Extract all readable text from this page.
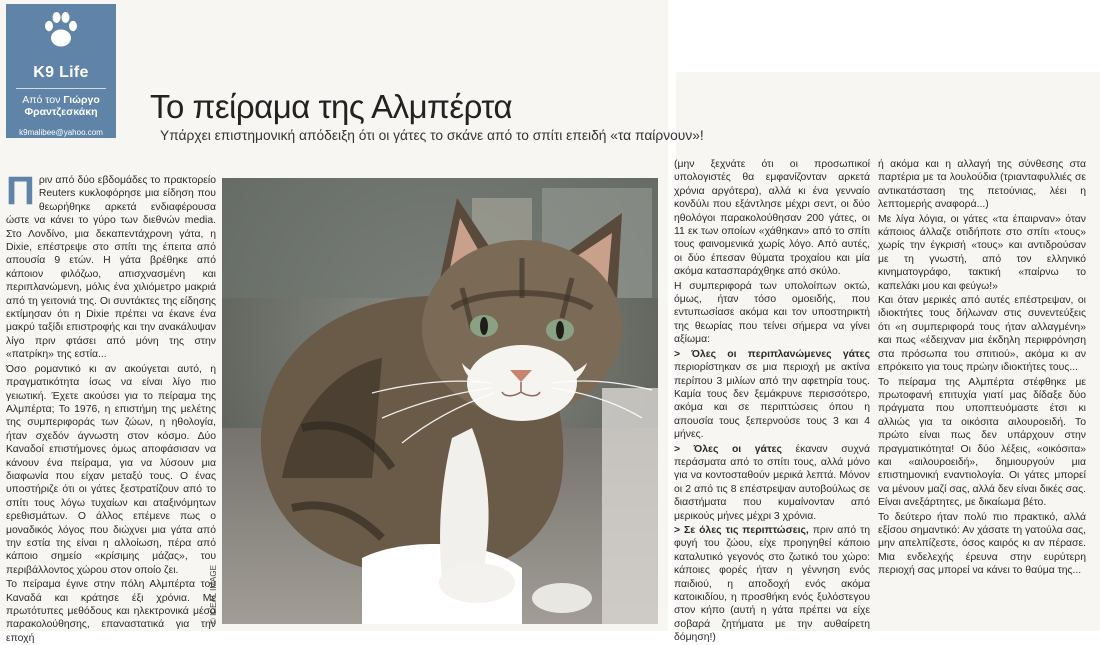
K9 Life
Από τον Γιώργο Φραντζεσκάκη
k9malibee@yahoo.com
Το πείραμα της Αλμπέρτα
Υπάρχει επιστημονική απόδειξη ότι οι γάτες το σκάνε από το σπίτι επειδή «τα παίρνουν»!

Πριν από δύο εβδομάδες το πρακτορείο Reuters κυκλοφόρησε μια είδηση που θεωρήθηκε αρκετά ενδιαφέρουσα ώστε να κάνει το γύρο των διεθνών media. Στο Λονδίνο, μια δεκαπεντάχρονη γάτα, η Dixie, επέστρεψε στο σπίτι της έπειτα από απουσία 9 ετών. Η γάτα βρέθηκε από κάποιον φιλόζωο, απισχνασμένη και περιπλανώμενη, μόλις ένα χιλιόμετρο μακριά από τη γειτονιά της. Οι συντάκτες της είδησης εκτίμησαν ότι η Dixie πρέπει να έκανε ένα μακρύ ταξίδι επιστροφής και την ανακάλυψαν λίγο πριν φτάσει από μόνη της στην «πατρίκη» της εστία...

Όσο ρομαντικό κι αν ακούγεται αυτό, η πραγματικότητα ίσως να είναι λίγο πιο γειωτική. Έχετε ακούσει για το πείραμα της Αλμπέρτα; Το 1976, η επιστήμη της μελέτης της συμπεριφοράς των ζώων, η ηθολογία, ήταν σχεδόν άγνωστη στον κόσμο. Δύο Καναδοί επιστήμονες όμως αποφάσισαν να κάνουν ένα πείραμα, για να λύσουν μια διαφωνία που είχαν μεταξύ τους. Ο ένας υποστήριζε ότι οι γάτες ξεστρατίζουν από το σπίτι τους λόγω τυχαίων και αταξινόμητων ερεθισμάτων. Ο άλλος επέμενε πως ο μοναδικός λόγος που διώχνει μια γάτα από την εστία της είναι η αλλοίωση, πέρα από κάποιο σημείο «κρίσιμης μάζας», του περιβάλλοντος χώρου στον οποίο ζει.

Το πείραμα έγινε στην πόλη Αλμπέρτα του Καναδά και κράτησε έξι χρόνια. Με πρωτότυπες μεθόδους και ηλεκτρονικά μέσα παρακολούθησης, επαναστατικά για την εποχή

© IDEAL IMAGE

(μην ξεχνάτε ότι οι προσωπικοί υπολογιστές θα εμφανίζονταν αρκετά χρόνια αργότερα), αλλά κι ένα γενναίο κονδύλι που εξάντλησε μέχρι σεντ, οι δύο ηθολόγοι παρακολούθησαν 200 γάτες, οι 11 εκ των οποίων «χάθηκαν» από το σπίτι τους φαινομενικά χωρίς λόγο. Από αυτές, οι δύο έπεσαν θύματα τροχαίου και μία ακόμα κατασπαράχθηκε από σκύλο.

Η συμπεριφορά των υπολοίπων οκτώ, όμως, ήταν τόσο ομοειδής, που εντυπωσίασε ακόμα και τον υποστηρικτή της θεωρίας που τείνει σήμερα να γίνει αξίωμα:

> Όλες οι περιπλανώμενες γάτες περιορίστηκαν σε μια περιοχή με ακτίνα περίπου 3 μιλίων από την αφετηρία τους. Καμία τους δεν ξεμάκρυνε περισσότερο, ακόμα και σε περιπτώσεις όπου η απουσία τους ξεπερνούσε τους 3 και 4 μήνες.

> Όλες οι γάτες έκαναν συχνά περάσματα από το σπίτι τους, αλλά μόνο για να κοντοσταθούν μερικά λεπτά. Μόνον οι 2 από τις 8 επέστρεψαν αυτοβούλως σε διαστήματα που κυμαίνονταν από μερικούς μήνες μέχρι 3 χρόνια.

> Σε όλες τις περιπτώσεις, πριν από τη φυγή του ζώου, είχε προηγηθεί κάποιο καταλυτικό γεγονός στο ζωτικό του χώρο: κάποιες φορές ήταν η γέννηση ενός παιδιού, η αποδοχή ενός ακόμα κατοικιδίου, η προσθήκη ενός ξυλόστεγου στον κήπο (αυτή η γάτα πρέπει να είχε σοβαρά ζητήματα με την αυθαίρετη δόμηση!)

ή ακόμα και η αλλαγή της σύνθεσης στα παρτέρια με τα λουλούδια (τριανταφυλλιές σε αντικατάσταση της πετούνιας, λέει η λεπτομερής αναφορά...)

Με λίγα λόγια, οι γάτες «τα έπαιρναν» όταν κάποιος άλλαζε οτιδήποτε στο σπίτι «τους» χωρίς την έγκρισή «τους» και αντιδρούσαν με τη γνωστή, από τον ελληνικό κινηματογράφο, τακτική «παίρνω το καπελάκι μου και φεύγω!»

Και όταν μερικές από αυτές επέστρεψαν, οι ιδιοκτήτες τους δήλωναν στις συνεντεύξεις ότι «η συμπεριφορά τους ήταν αλλαγμένη» και πως «έδειχναν μια έκδηλη περιφρόνηση στα πρόσωπα του σπιτιού», ακόμα κι αν επρόκειτο για τους πρώην ιδιοκτήτες τους...

Το πείραμα της Αλμπέρτα στέφθηκε με πρωτοφανή επιτυχία γιατί μας δίδαξε δύο πράγματα που υποπτευόμαστε έτσι κι αλλιώς για τα οικόσιτα αιλουροειδή. Το πρώτο είναι πως δεν υπάρχουν στην πραγματικότητα! Οι δύο λέξεις, «οικόσιτα» και «αιλουροειδή», δημιουργούν μια επιστημονική εναντιολογία. Οι γάτες μπορεί να μένουν μαζί σας, αλλά δεν είναι δικές σας. Είναι ανεξάρτητες, με δικαίωμα βέτο.

Το δεύτερο ήταν πολύ πιο πρακτικό, αλλά εξίσου σημαντικό: Αν χάσατε τη γατούλα σας, μην απελπίζεστε, όσος καιρός κι αν πέρασε. Μια ενδελεχής έρευνα στην ευρύτερη περιοχή σας μπορεί να κάνει το θαύμα της...
